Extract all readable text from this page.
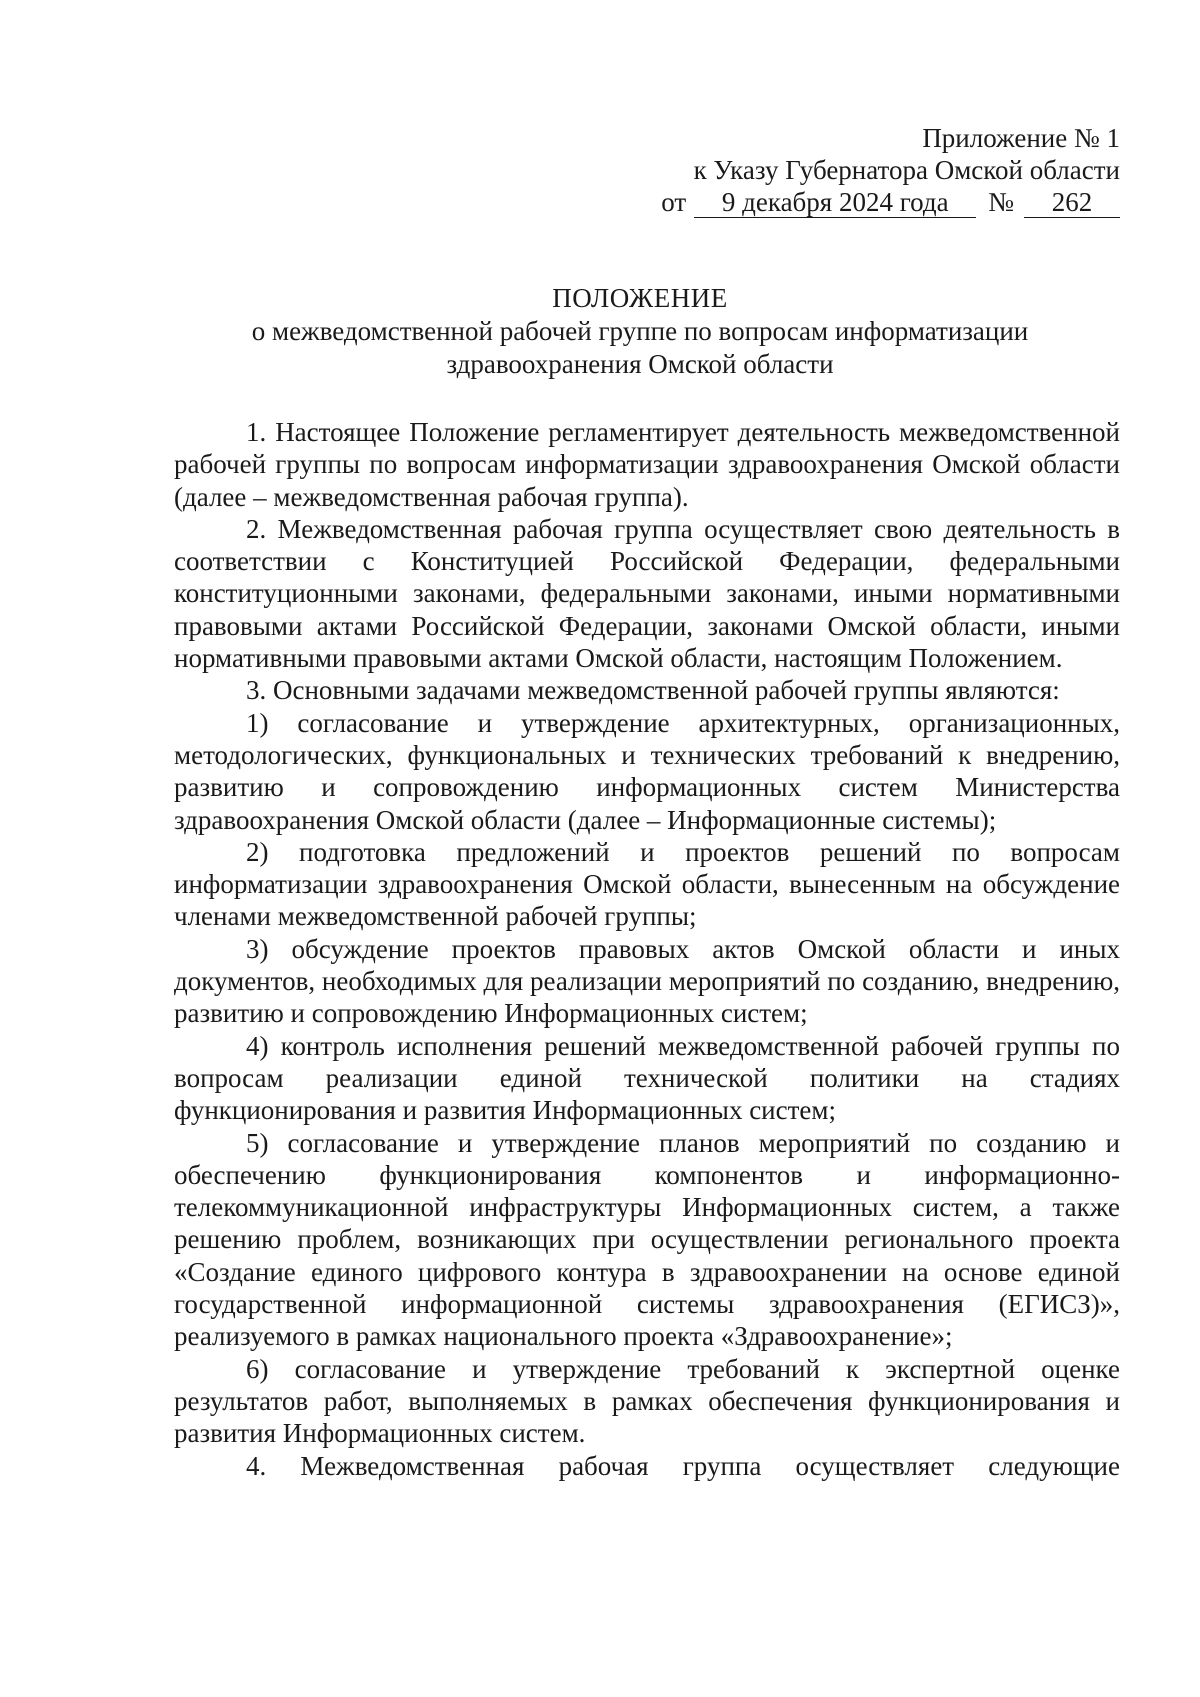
Приложение № 1
к Указу Губернатора Омской области
от	9 декабря 2024 года	№	262
ПОЛОЖЕНИЕ
о межведомственной рабочей группе по вопросам информатизации
здравоохранения Омской области

1. Настоящее Положение регламентирует деятельность межведомственной рабочей группы по вопросам информатизации здравоохранения Омской области (далее – межведомственная рабочая группа).

2. Межведомственная рабочая группа осуществляет свою деятельность в соответствии с Конституцией Российской Федерации, федеральными конституционными законами, федеральными законами, иными нормативными правовыми актами Российской Федерации, законами Омской области, иными нормативными правовыми актами Омской области, настоящим Положением.

3. Основными задачами межведомственной рабочей группы являются:

1) согласование и утверждение архитектурных, организационных, методологических, функциональных и технических требований к внедрению, развитию и сопровождению информационных систем Министерства здравоохранения Омской области (далее – Информационные системы);

2) подготовка предложений и проектов решений по вопросам информатизации здравоохранения Омской области, вынесенным на обсуждение членами межведомственной рабочей группы;

3) обсуждение проектов правовых актов Омской области и иных документов, необходимых для реализации мероприятий по созданию, внедрению, развитию и сопровождению Информационных систем;

4) контроль исполнения решений межведомственной рабочей группы по вопросам реализации единой технической политики на стадиях функционирования и развития Информационных систем;

5) согласование и утверждение планов мероприятий по созданию и обеспечению функционирования компонентов и информационно-телекоммуникационной инфраструктуры Информационных систем, а также решению проблем, возникающих при осуществлении регионального проекта «Создание единого цифрового контура в здравоохранении на основе единой государственной информационной системы здравоохранения (ЕГИСЗ)», реализуемого в рамках национального проекта «Здравоохранение»;

6) согласование и утверждение требований к экспертной оценке результатов работ, выполняемых в рамках обеспечения функционирования и развития Информационных систем.

4. Межведомственная рабочая группа осуществляет следующие
